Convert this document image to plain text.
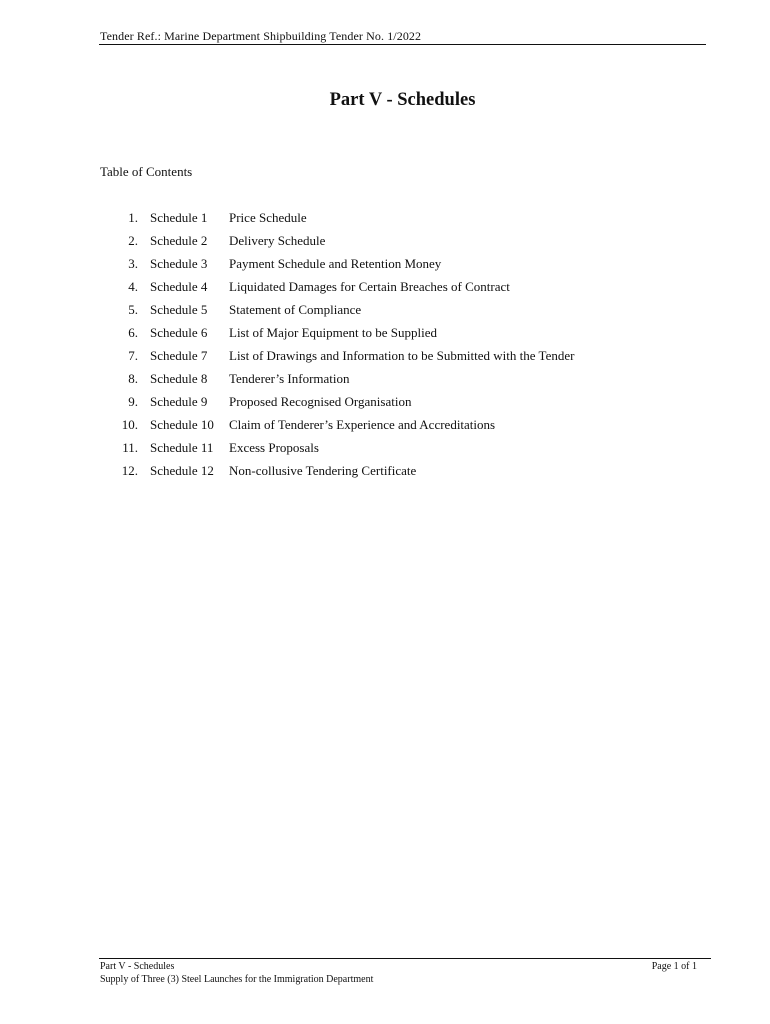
Tender Ref.: Marine Department Shipbuilding Tender No. 1/2022
Part V - Schedules
Table of Contents
1. Schedule 1 Price Schedule
2. Schedule 2 Delivery Schedule
3. Schedule 3 Payment Schedule and Retention Money
4. Schedule 4 Liquidated Damages for Certain Breaches of Contract
5. Schedule 5 Statement of Compliance
6. Schedule 6 List of Major Equipment to be Supplied
7. Schedule 7 List of Drawings and Information to be Submitted with the Tender
8. Schedule 8 Tenderer’s Information
9. Schedule 9 Proposed Recognised Organisation
10. Schedule 10 Claim of Tenderer’s Experience and Accreditations
11. Schedule 11 Excess Proposals
12. Schedule 12 Non-collusive Tendering Certificate
Part V - Schedules
Supply of Three (3) Steel Launches for the Immigration Department
Page 1 of 1
